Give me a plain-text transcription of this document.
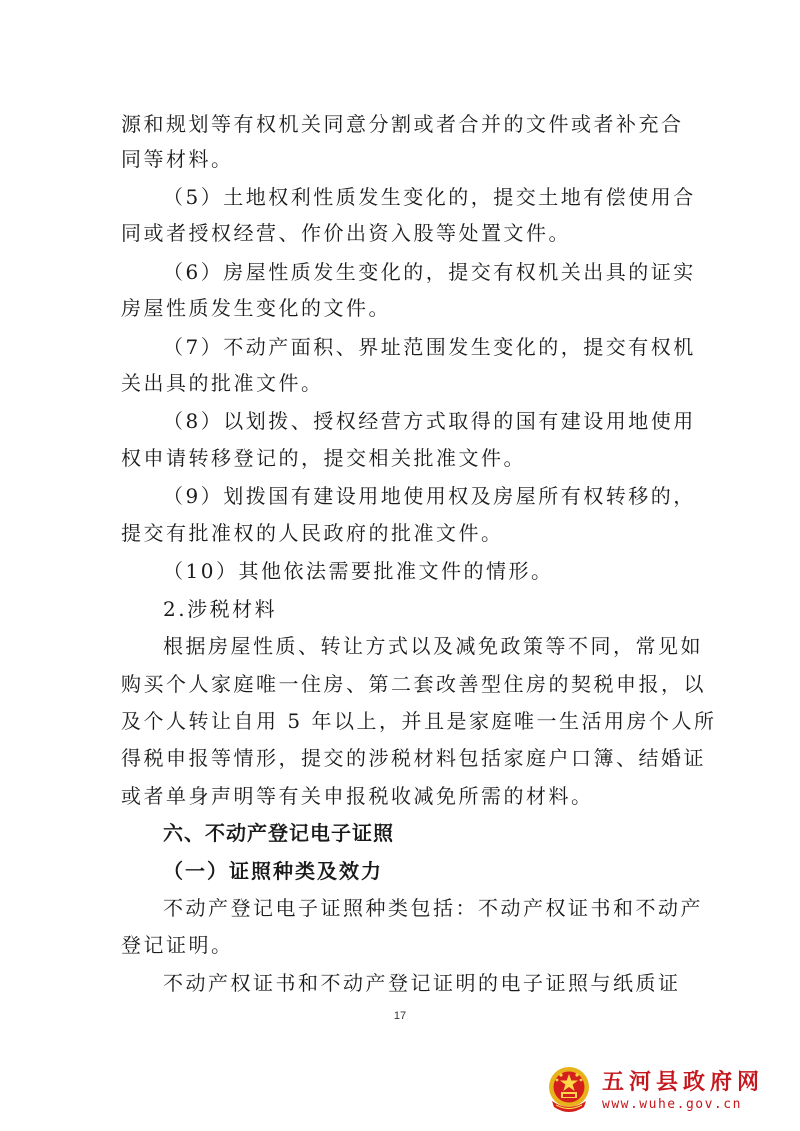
源和规划等有权机关同意分割或者合并的文件或者补充合
同等材料。
（5）土地权利性质发生变化的，提交土地有偿使用合
同或者授权经营、作价出资入股等处置文件。
（6）房屋性质发生变化的，提交有权机关出具的证实
房屋性质发生变化的文件。
（7）不动产面积、界址范围发生变化的，提交有权机
关出具的批准文件。
（8）以划拨、授权经营方式取得的国有建设用地使用
权申请转移登记的，提交相关批准文件。
（9）划拨国有建设用地使用权及房屋所有权转移的，
提交有批准权的人民政府的批准文件。
（10）其他依法需要批准文件的情形。
2.涉税材料
根据房屋性质、转让方式以及减免政策等不同，常见如
购买个人家庭唯一住房、第二套改善型住房的契税申报，以
及个人转让自用 5 年以上，并且是家庭唯一生活用房个人所
得税申报等情形，提交的涉税材料包括家庭户口簿、结婚证
或者单身声明等有关申报税收减免所需的材料。
六、不动产登记电子证照
（一）证照种类及效力
不动产登记电子证照种类包括：不动产权证书和不动产
登记证明。
不动产权证书和不动产登记证明的电子证照与纸质证
17
五河县政府网
www.wuhe.gov.cn
